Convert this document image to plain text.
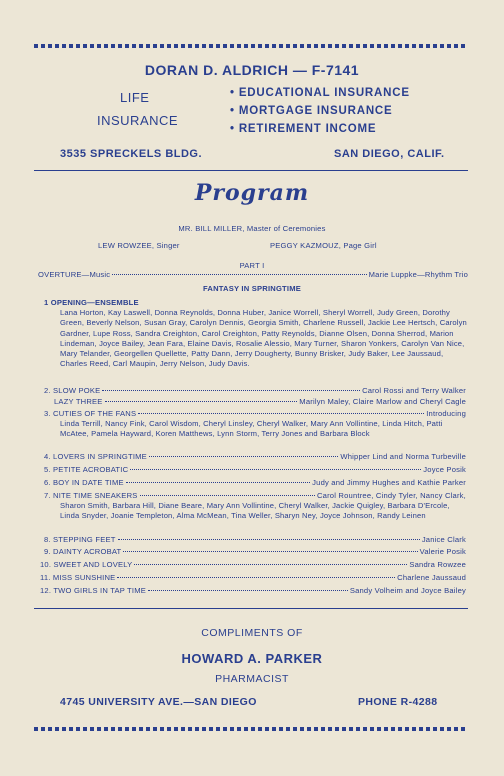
DORAN D. ALDRICH — F-7141
LIFE
INSURANCE
• EDUCATIONAL INSURANCE
• MORTGAGE INSURANCE
• RETIREMENT INCOME
3535 SPRECKELS BLDG.	SAN DIEGO, CALIF.
Program
MR. BILL MILLER, Master of Ceremonies
LEW ROWZEE, Singer	PEGGY KAZMOUZ, Page Girl
PART I
OVERTURE—Music	Marie Luppke—Rhythm Trio
FANTASY IN SPRINGTIME
1 OPENING—ENSEMBLE
Lana Horton, Kay Laswell, Donna Reynolds, Donna Huber, Janice Worrell, Sheryl Worrell, Judy Green, Dorothy Green, Beverly Nelson, Susan Gray, Carolyn Dennis, Georgia Smith, Charlene Russell, Jackie Lee Hertsch, Carolyn Gardner, Lupe Ross, Sandra Creighton, Carol Creighton, Patty Reynolds, Dianne Olsen, Donna Sherrod, Marion Lindeman, Joyce Bailey, Jean Fara, Elaine Davis, Rosalie Alessio, Mary Turner, Sharon Yonkers, Carolyn Van Nice, Mary Telander, Georgellen Quellette, Patty Dann, Jerry Dougherty, Bunny Brisker, Judy Baker, Lee Jaussaud, Charles Reed, Carl Maupin, Jerry Nelson, Judy Davis.
2. SLOW POKE	Carol Rossi and Terry Walker
LAZY THREE	Marilyn Maley, Claire Marlow and Cheryl Cagle
3. CUTIES OF THE FANS	Introducing
Linda Terrill, Nancy Fink, Carol Wisdom, Cheryl Linsley, Cheryl Walker, Mary Ann Vollintine, Linda Hitch, Patti McAtee, Pamela Hayward, Koren Matthews, Lynn Storm, Terry Jones and Barbara Block
4. LOVERS IN SPRINGTIME	Whipper Lind and Norma Turbeville
5. PETITE ACROBATIC	Joyce Posik
6. BOY IN DATE TIME	Judy and Jimmy Hughes and Kathie Parker
7. NITE TIME SNEAKERS	Carol Rountree, Cindy Tyler, Nancy Clark,
Sharon Smith, Barbara Hill, Diane Beare, Mary Ann Vollintine, Cheryl Walker, Jackie Quigley, Barbara D'Ercole, Linda Snyder, Joanie Templeton, Alma McMean, Tina Weller, Sharyn Ney, Joyce Johnson, Randy Leinen
8. STEPPING FEET	Janice Clark
9. DAINTY ACROBAT	Valerie Posik
10. SWEET AND LOVELY	Sandra Rowzee
11. MISS SUNSHINE	Charlene Jaussaud
12. TWO GIRLS IN TAP TIME	Sandy Volheim and Joyce Bailey
COMPLIMENTS OF
HOWARD A. PARKER
PHARMACIST
4745 UNIVERSITY AVE.—SAN DIEGO	PHONE R-4288
